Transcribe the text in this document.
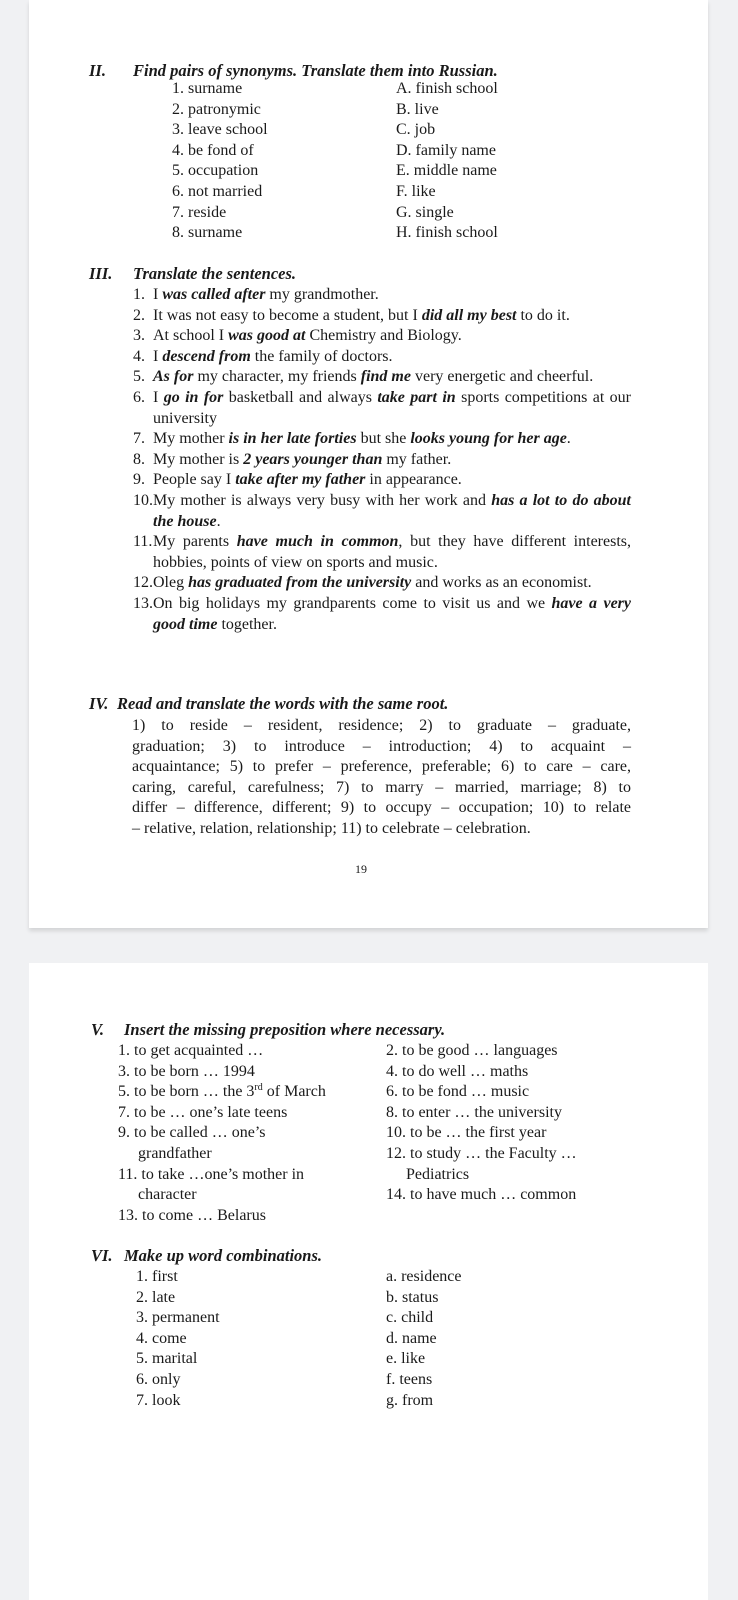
II. Find pairs of synonyms. Translate them into Russian.
1. surname
2. patronymic
3. leave school
4. be fond of
5. occupation
6. not married
7. reside
8. surname
A. finish school
B. live
C. job
D. family name
E. middle name
F. like
G. single
H. finish school
III. Translate the sentences.
1. I was called after my grandmother.
2. It was not easy to become a student, but I did all my best to do it.
3. At school I was good at Chemistry and Biology.
4. I descend from the family of doctors.
5. As for my character, my friends find me very energetic and cheerful.
6. I go in for basketball and always take part in sports competitions at our university
7. My mother is in her late forties but she looks young for her age.
8. My mother is 2 years younger than my father.
9. People say I take after my father in appearance.
10. My mother is always very busy with her work and has a lot to do about the house.
11. My parents have much in common, but they have different interests, hobbies, points of view on sports and music.
12. Oleg has graduated from the university and works as an economist.
13. On big holidays my grandparents come to visit us and we have a very good time together.
IV. Read and translate the words with the same root.
1) to reside – resident, residence; 2) to graduate – graduate,
graduation; 3) to introduce – introduction; 4) to acquaint –
acquaintance; 5) to prefer – preference, preferable; 6) to care – care,
caring, careful, carefulness; 7) to marry – married, marriage; 8) to
differ – difference, different; 9) to occupy – occupation; 10) to relate
– relative, relation, relationship; 11) to celebrate – celebration.
19
V. Insert the missing preposition where necessary.
1. to get acquainted …
3. to be born … 1994
5. to be born … the 3rd of March
7. to be … one’s late teens
9. to be called … one’s
grandfather
11. to take …one’s mother in
character
13. to come … Belarus
2. to be good … languages
4. to do well … maths
6. to be fond … music
8. to enter … the university
10. to be … the first year
12. to study … the Faculty …
Pediatrics
14. to have much … common
VI. Make up word combinations.
1. first
2. late
3. permanent
4. come
5. marital
6. only
7. look
a. residence
b. status
c. child
d. name
e. like
f. teens
g. from
